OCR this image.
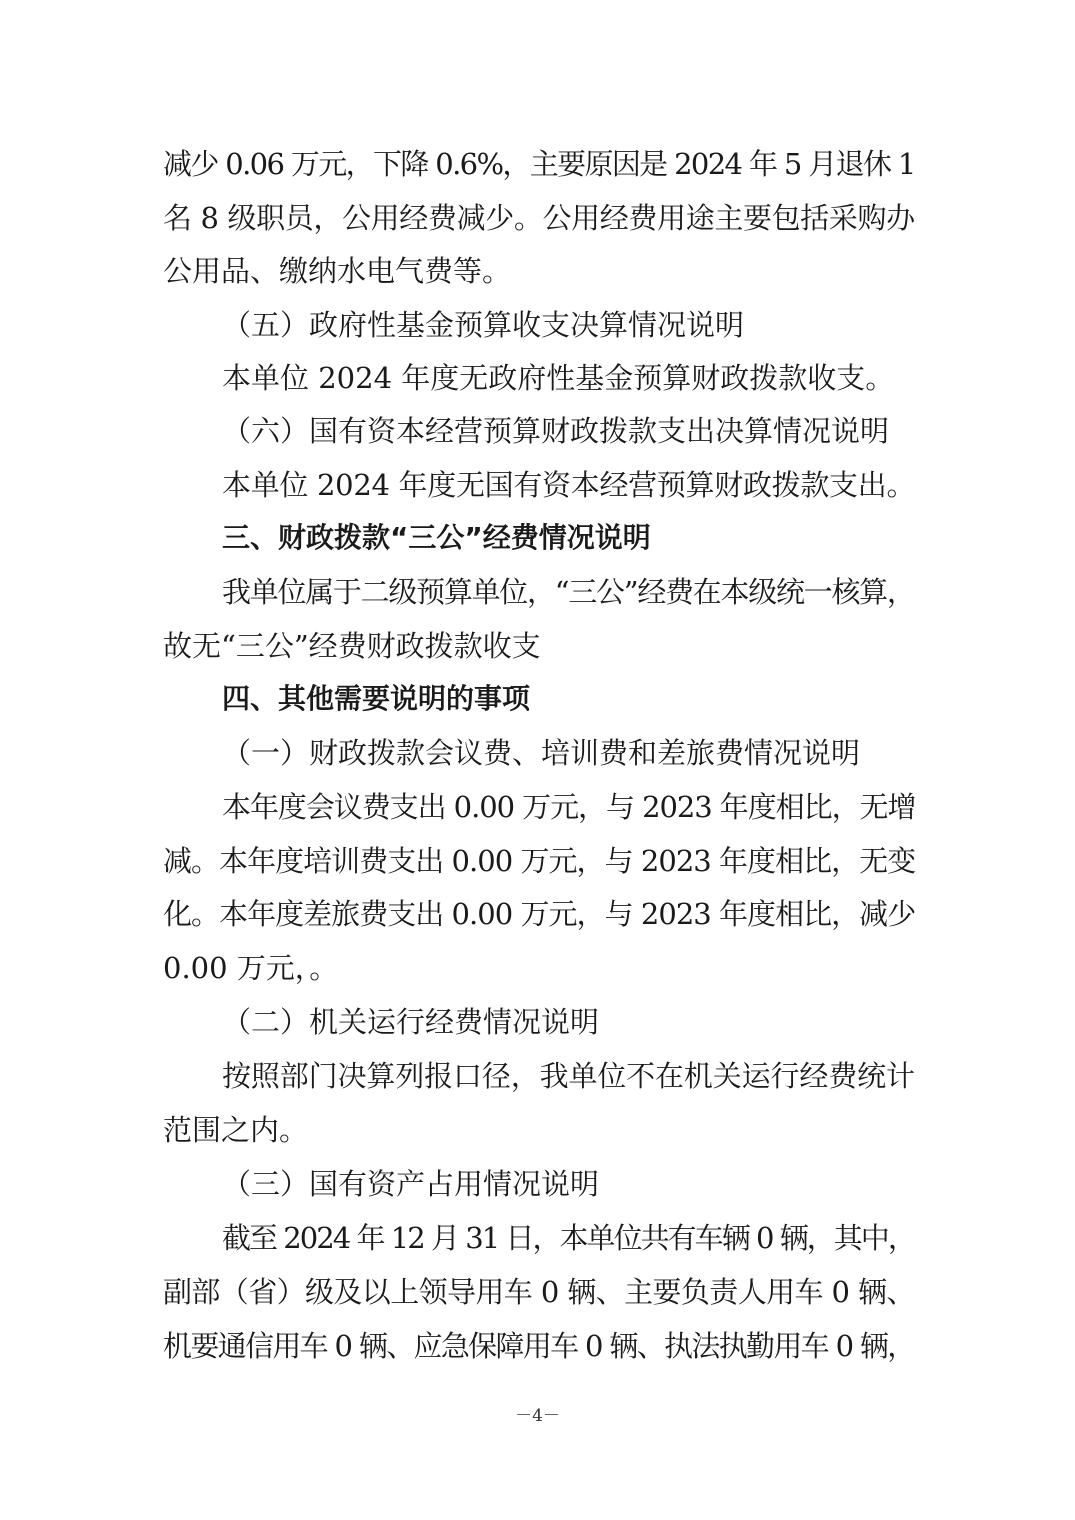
减少 0.06 万元，下降 0.6%，主要原因是 2024 年 5 月退休 1
名 8 级职员，公用经费减少。公用经费用途主要包括采购办
公用品、缴纳水电气费等。
（五）政府性基金预算收支决算情况说明
本单位 2024 年度无政府性基金预算财政拨款收支。
（六）国有资本经营预算财政拨款支出决算情况说明
本单位 2024 年度无国有资本经营预算财政拨款支出。
三、财政拨款“三公”经费情况说明
我单位属于二级预算单位，“三公”经费在本级统一核算，
故无“三公”经费财政拨款收支
四、其他需要说明的事项
（一）财政拨款会议费、培训费和差旅费情况说明
本年度会议费支出 0.00 万元，与 2023 年度相比，无增
减。本年度培训费支出 0.00 万元，与 2023 年度相比，无变
化。本年度差旅费支出 0.00 万元，与 2023 年度相比，减少
0.00 万元，。
（二）机关运行经费情况说明
按照部门决算列报口径，我单位不在机关运行经费统计
范围之内。
（三）国有资产占用情况说明
截至 2024 年 12 月 31 日，本单位共有车辆 0 辆，其中，
副部（省）级及以上领导用车 0 辆、主要负责人用车 0 辆、
机要通信用车 0 辆、应急保障用车 0 辆、执法执勤用车 0 辆，
－4－
